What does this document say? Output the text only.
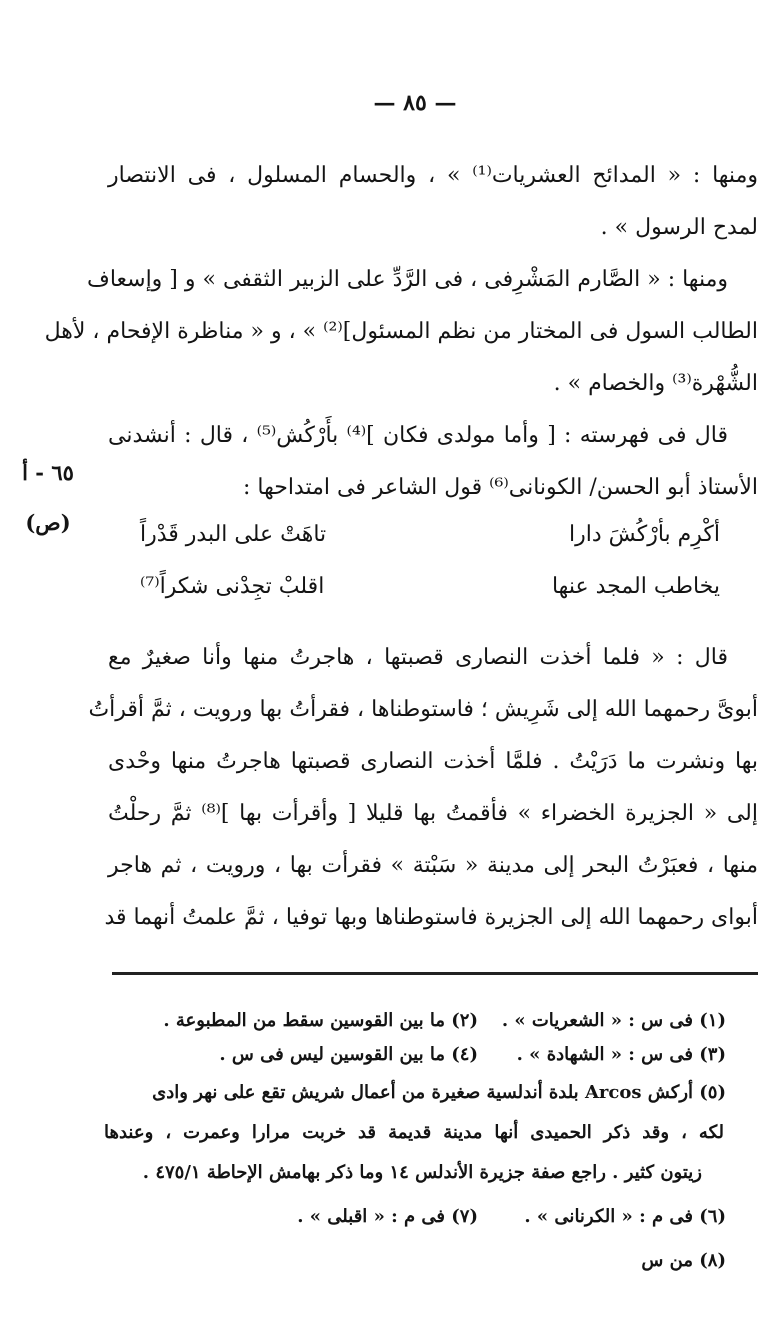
— ٨٥ —
٦٥ - أ
(ص)
ومنها : « المدائح العشريات⁽¹⁾ » ، والحسام المسلول ، فى الانتصار
لمدح الرسول » .
ومنها : « الصَّارم المَشْرِفى ، فى الرَّدِّ على الزبير الثقفى » و [ وإسعاف
الطالب السول فى المختار من نظم المسئول]⁽²⁾ » ، و « مناظرة الإفحام ، لأهل
الشُّهْرة⁽³⁾ والخصام » .
قال فى فهرسته : [ وأما مولدى فكان ]⁽⁴⁾ بأَرْكُش⁽⁵⁾ ، قال : أنشدنى
الأستاذ أبو الحسن/ الكونانى⁽⁶⁾ قول الشاعر فى امتداحها :
أكْرِم بأرْكُشَ دارا
تاهَتْ على البدر قَدْراً
يخاطب المجد عنها
اقلبْ تجِدْنى شكراً⁽⁷⁾
قال : « فلما أخذت النصارى قصبتها ، هاجرتُ منها وأنا صغيرٌ مع
أبوىَّ رحمهما الله إلى شَرِيش ؛ فاستوطناها ، فقرأتُ بها ورويت ، ثمَّ أقرأتُ
بها ونشرت ما دَرَيْتُ . فلمَّا أخذت النصارى قصبتها هاجرتُ منها وحْدى
إلى « الجزيرة الخضراء » فأقمتُ بها قليلا [ وأقرأت بها ]⁽⁸⁾ ثمَّ رحلْتُ
منها ، فعبَرْتُ البحر إلى مدينة « سَبْتة » فقرأت بها ، ورويت ، ثم هاجر
أبواى رحمهما الله إلى الجزيرة فاستوطناها وبها توفيا ، ثمَّ علمتُ أنهما قد
(١) فى س : « الشعريات » .
(٢) ما بين القوسين سقط من المطبوعة .
(٣) فى س : « الشهادة » .
(٤) ما بين القوسين ليس فى س .
(٥) أركش Arcos بلدة أندلسية صغيرة من أعمال شريش تقع على نهر وادى
لكه ، وقد ذكر الحميدى أنها مدينة قديمة قد خربت مرارا وعمرت ، وعندها
زيتون كثير . راجع صفة جزيرة الأندلس ١٤ وما ذكر بهامش الإحاطة ٤٧٥/١ .
(٦) فى م : « الكرنانى » .
(٧) فى م : « اقبلى » .
(٨) من س
